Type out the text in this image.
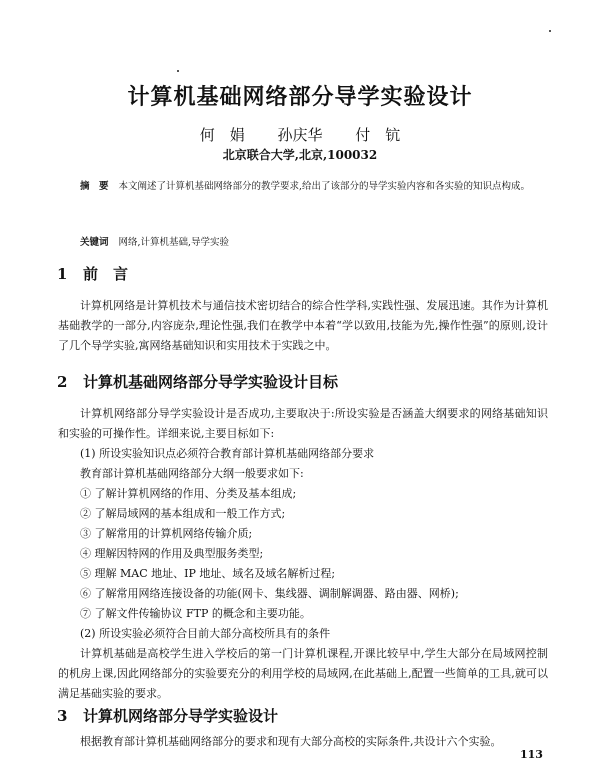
计算机基础网络部分导学实验设计
何　娟 孙庆华 付　钪
北京联合大学,北京,100032
摘　要 本文阐述了计算机基础网络部分的教学要求,给出了该部分的导学实验内容和各实验的知识点构成。
关键词 网络,计算机基础,导学实验
1 前　言
计算机网络是计算机技术与通信技术密切结合的综合性学科,实践性强、发展迅速。其作为计算机基础教学的一部分,内容庞杂,理论性强,我们在教学中本着“学以致用,技能为先,操作性强”的原则,设计了几个导学实验,寓网络基础知识和实用技术于实践之中。
2 计算机基础网络部分导学实验设计目标
计算机网络部分导学实验设计是否成功,主要取决于:所设实验是否涵盖大纲要求的网络基础知识和实验的可操作性。详细来说,主要目标如下:
(1) 所设实验知识点必须符合教育部计算机基础网络部分要求
教育部计算机基础网络部分大纲一般要求如下:
① 了解计算机网络的作用、分类及基本组成;
② 了解局域网的基本组成和一般工作方式;
③ 了解常用的计算机网络传输介质;
④ 理解因特网的作用及典型服务类型;
⑤ 理解 MAC 地址、IP 地址、域名及域名解析过程;
⑥ 了解常用网络连接设备的功能(网卡、集线器、调制解调器、路由器、网桥);
⑦ 了解文件传输协议 FTP 的概念和主要功能。
(2) 所设实验必须符合目前大部分高校所具有的条件
计算机基础是高校学生进入学校后的第一门计算机课程,开课比较早中,学生大部分在局域网控制的机房上课,因此网络部分的实验要充分的利用学校的局域网,在此基础上,配置一些简单的工具,就可以满足基础实验的要求。
3 计算机网络部分导学实验设计
根据教育部计算机基础网络部分的要求和现有大部分高校的实际条件,共设计六个实验。
113
